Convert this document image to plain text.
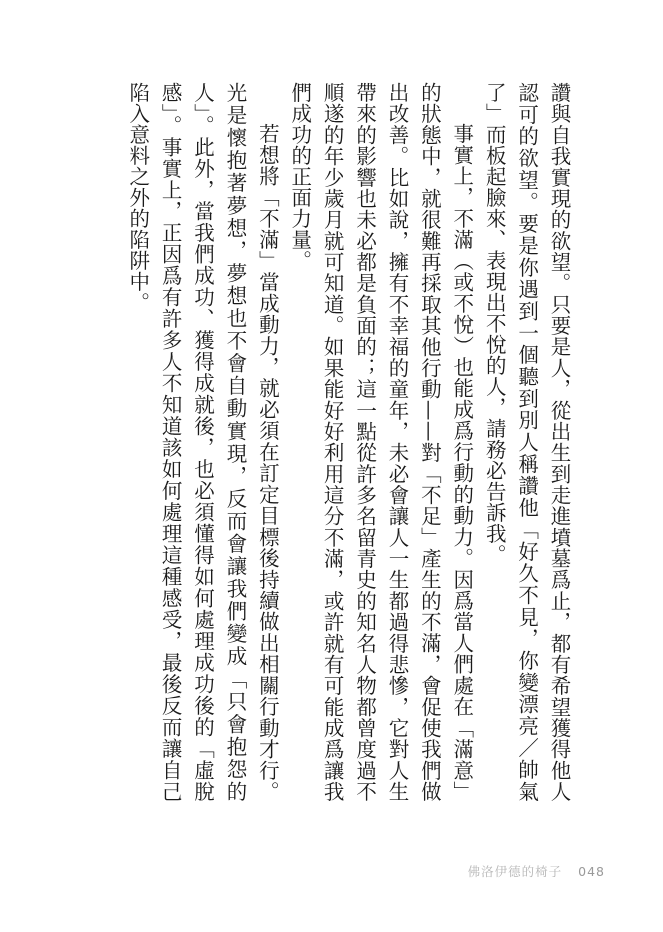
讚與自我實現的欲望。只要是人，從出生到走進墳墓爲止，都有希望獲得他人認可的欲望。要是你遇到一個聽到別人稱讚他「好久不見，你變漂亮／帥氣了」而板起臉來、表現出不悅的人，請務必告訴我。

事實上，不滿（或不悅）也能成爲行動的動力。因爲當人們處在「滿意」的狀態中，就很難再採取其他行動——對「不足」產生的不滿，會促使我們做出改善。比如說，擁有不幸福的童年，未必會讓人一生都過得悲慘，它對人生帶來的影響也未必都是負面的；這一點從許多名留青史的知名人物都曾度過不順遂的年少歲月就可知道。如果能好好利用這分不滿，或許就有可能成爲讓我們成功的正面力量。

若想將「不滿」當成動力，就必須在訂定目標後持續做出相關行動才行。光是懷抱著夢想，夢想也不會自動實現，反而會讓我們變成「只會抱怨的人」。此外，當我們成功、獲得成就後，也必須懂得如何處理成功後的「虛脫感」。事實上，正因爲有許多人不知道該如何處理這種感受，最後反而讓自己陷入意料之外的陷阱中。

佛洛伊德的椅子 048
